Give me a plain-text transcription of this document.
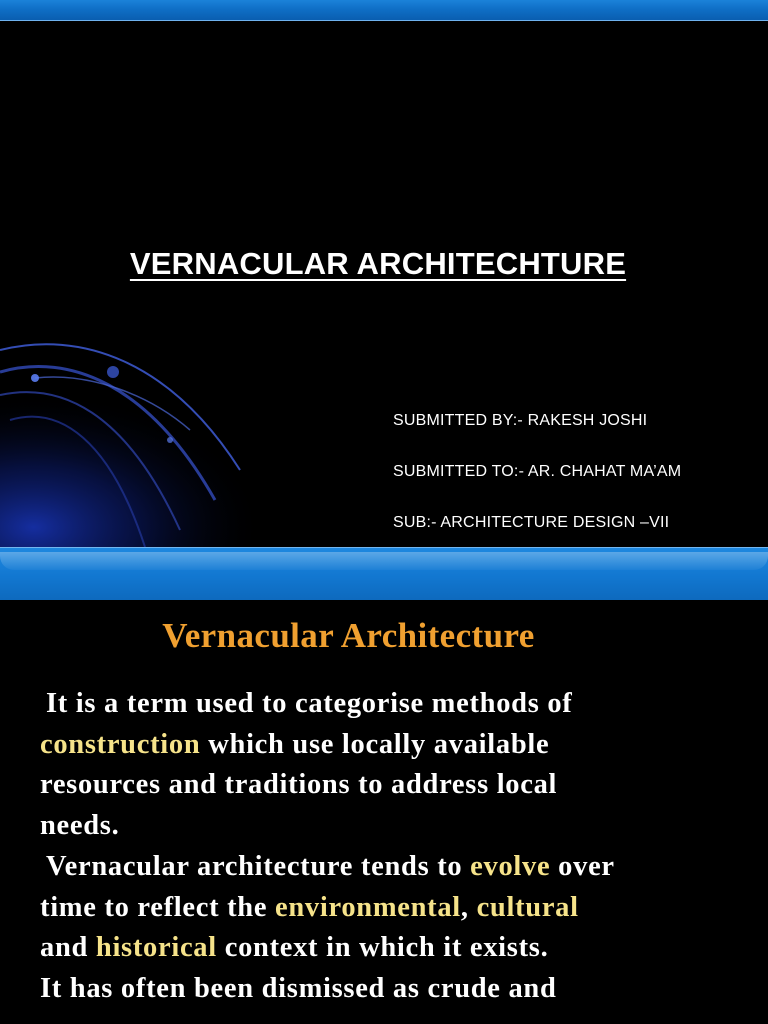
VERNACULAR ARCHITECHTURE
SUBMITTED BY:- RAKESH JOSHI
SUBMITTED TO:- AR. CHAHAT MA’AM
SUB:- ARCHITECTURE DESIGN –VII
Vernacular Architecture
It is a term used to categorise methods of
construction which use locally available
resources and traditions to address local
needs.
Vernacular architecture tends to evolve over
time to reflect the environmental, cultural
and historical context in which it exists.
It has often been dismissed as crude and
